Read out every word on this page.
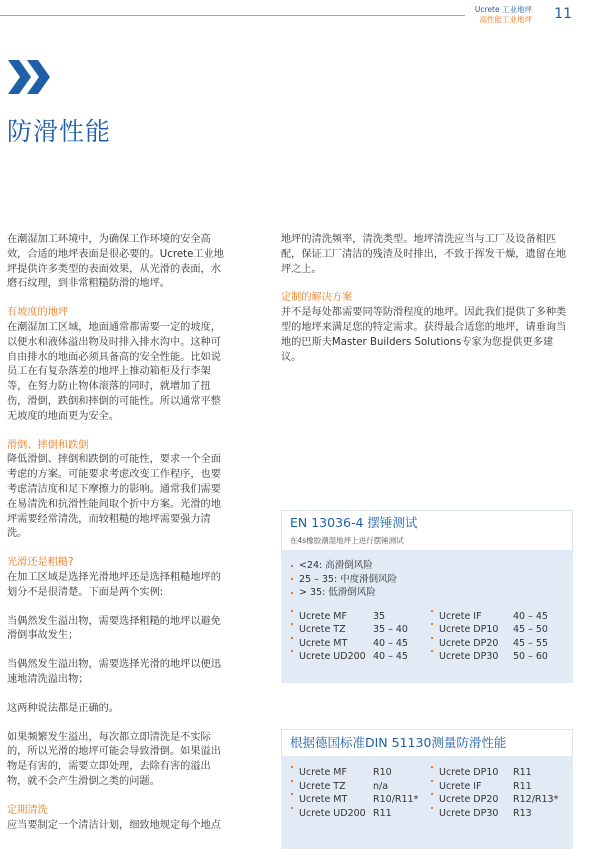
Ucrete 工业地坪
高性能工业地坪 11
防滑性能

在潮湿加工环境中，为确保工作环境的安全高效，合适的地坪表面是很必要的。Ucrete工业地坪提供许多类型的表面效果，从光滑的表面，水磨石纹理，到非常粗糙防滑的地坪。

有坡度的地坪

在潮湿加工区域，地面通常都需要一定的坡度，以便水和液体溢出物及时排入排水沟中。这种可自由排水的地面必须具备高的安全性能。比如说员工在有复杂落差的地坪上推动箱柜及行李架等，在努力防止物体滚落的同时，就增加了扭伤，滑倒，跌倒和摔倒的可能性。所以通常平整无坡度的地面更为安全。

滑倒、摔倒和跌倒

降低滑倒、摔倒和跌倒的可能性，要求一个全面考虑的方案。可能要求考虑改变工作程序，也要考虑清洁度和足下摩擦力的影响。通常我们需要在易清洗和抗滑性能间取个折中方案。光滑的地坪需要经常清洗，而较粗糙的地坪需要强力清洗。

光滑还是粗糙?

在加工区域是选择光滑地坪还是选择粗糙地坪的划分不是很清楚。下面是两个实例:

当偶然发生溢出物，需要选择粗糙的地坪以避免滑倒事故发生；

当偶然发生溢出物，需要选择光滑的地坪以便迅速地清洗溢出物；

这两种说法都是正确的。

如果频繁发生溢出，每次都立即清洗是不实际的，所以光滑的地坪可能会导致滑倒。如果溢出物是有害的，需要立即处理，去除有害的溢出物，就不会产生滑倒之类的问题。

定期清洗

应当要制定一个清洁计划，细致地规定每个地点

地坪的清洗频率，清洗类型。地坪清洗应当与工厂及设备相匹配，保证工厂清洁的残渣及时排出，不致于挥发干燥，遗留在地坪之上。

定制的解决方案

并不是每处都需要同等防滑程度的地坪。因此我们提供了多种类型的地坪来满足您的特定需求。获得最合适您的地坪，请垂询当地的巴斯夫Master Builders Solutions专家为您提供更多建议。

EN 13036-4 摆锤测试
在4s橡胶潮湿地坪上进行摆锤测试
<24: 高滑倒风险
25 – 35: 中度滑倒风险
> 35: 低滑倒风险
Ucrete MF	35	Ucrete IF	40 – 45
Ucrete TZ	35 – 40	Ucrete DP10	45 – 50
Ucrete MT	40 – 45	Ucrete DP20	45 – 55
Ucrete UD200 40 – 45	Ucrete DP30	50 – 60
根据德国标准DIN 51130测量防滑性能
Ucrete MF	R10	Ucrete DP10	R11
Ucrete TZ	n/a	Ucrete IF	R11
Ucrete MT	R10/R11* Ucrete DP20	R12/R13*
Ucrete UD200 R11	Ucrete DP30	R13
